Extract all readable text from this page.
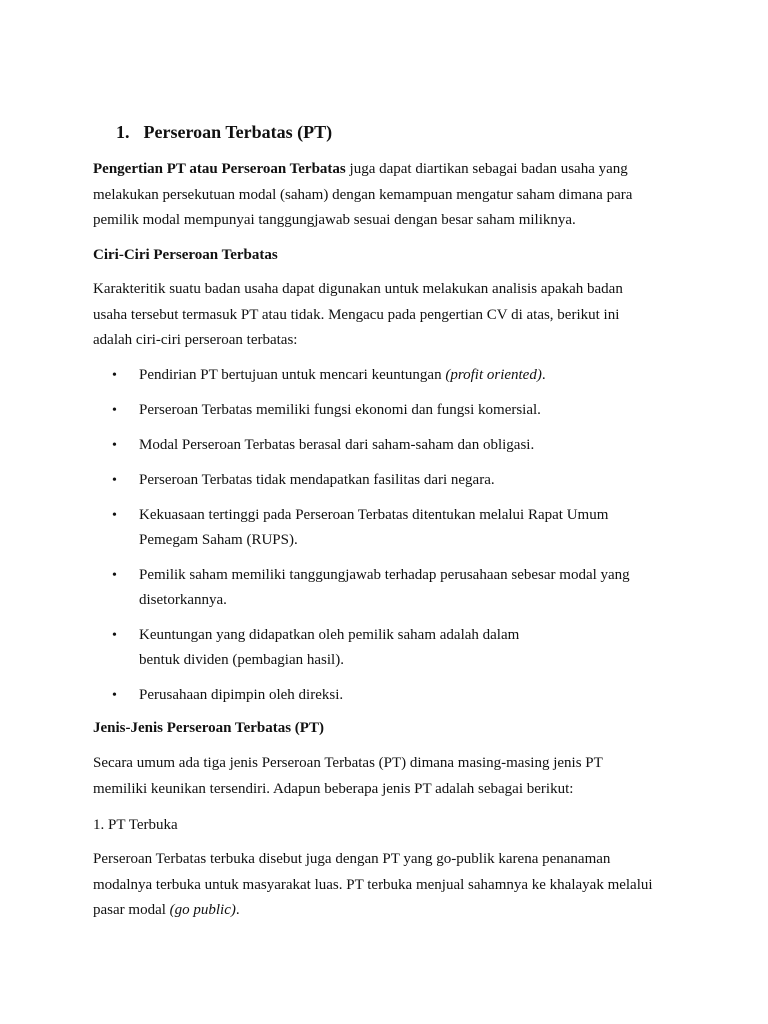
1. Perseroan Terbatas (PT)
Pengertian PT atau Perseroan Terbatas juga dapat diartikan sebagai badan usaha yang
melakukan persekutuan modal (saham) dengan kemampuan mengatur saham dimana para
pemilik modal mempunyai tanggungjawab sesuai dengan besar saham miliknya.
Ciri-Ciri Perseroan Terbatas
Karakteritik suatu badan usaha dapat digunakan untuk melakukan analisis apakah badan
usaha tersebut termasuk PT atau tidak. Mengacu pada pengertian CV di atas, berikut ini
adalah ciri-ciri perseroan terbatas:
• Pendirian PT bertujuan untuk mencari keuntungan (profit oriented).
• Perseroan Terbatas memiliki fungsi ekonomi dan fungsi komersial.
• Modal Perseroan Terbatas berasal dari saham-saham dan obligasi.
• Perseroan Terbatas tidak mendapatkan fasilitas dari negara.
• Kekuasaan tertinggi pada Perseroan Terbatas ditentukan melalui Rapat Umum
Pemegam Saham (RUPS).
• Pemilik saham memiliki tanggungjawab terhadap perusahaan sebesar modal yang
disetorkannya.
• Keuntungan yang didapatkan oleh pemilik saham adalah dalam
bentuk dividen (pembagian hasil).
• Perusahaan dipimpin oleh direksi.
Jenis-Jenis Perseroan Terbatas (PT)
Secara umum ada tiga jenis Perseroan Terbatas (PT) dimana masing-masing jenis PT
memiliki keunikan tersendiri. Adapun beberapa jenis PT adalah sebagai berikut:
1. PT Terbuka
Perseroan Terbatas terbuka disebut juga dengan PT yang go-publik karena penanaman
modalnya terbuka untuk masyarakat luas. PT terbuka menjual sahamnya ke khalayak melalui
pasar modal (go public).
